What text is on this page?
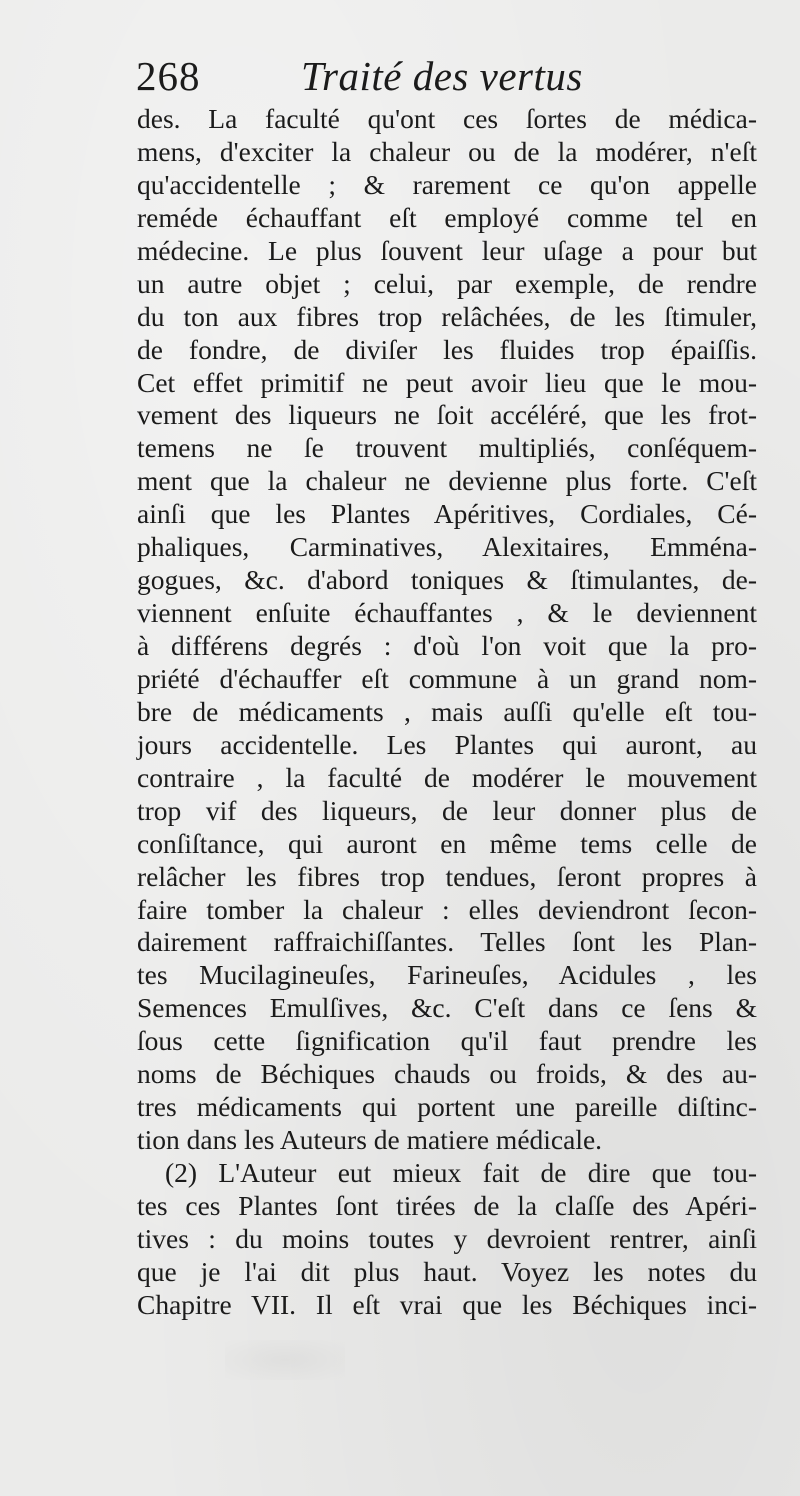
268 Traité des vertus
des. La faculté qu'ont ces ſortes de médica-
mens, d'exciter la chaleur ou de la modérer, n'eſt
qu'accidentelle ; & rarement ce qu'on appelle
reméde échauffant eſt employé comme tel en
médecine. Le plus ſouvent leur uſage a pour but
un autre objet ; celui, par exemple, de rendre
du ton aux fibres trop relâchées, de les ſtimuler,
de fondre, de diviſer les fluides trop épaiſſis.
Cet effet primitif ne peut avoir lieu que le mou-
vement des liqueurs ne ſoit accéléré, que les frot-
temens ne ſe trouvent multipliés, conſéquem-
ment que la chaleur ne devienne plus forte. C'eſt
ainſi que les Plantes Apéritives, Cordiales, Cé-
phaliques, Carminatives, Alexitaires, Emména-
gogues, &c. d'abord toniques & ſtimulantes, de-
viennent enſuite échauffantes , & le deviennent
à différens degrés : d'où l'on voit que la pro-
priété d'échauffer eſt commune à un grand nom-
bre de médicaments , mais auſſi qu'elle eſt tou-
jours accidentelle. Les Plantes qui auront, au
contraire , la faculté de modérer le mouvement
trop vif des liqueurs, de leur donner plus de
conſiſtance, qui auront en même tems celle de
relâcher les fibres trop tendues, ſeront propres à
faire tomber la chaleur : elles deviendront ſecon-
dairement raffraichiſſantes. Telles ſont les Plan-
tes Mucilagineuſes, Farineuſes, Acidules , les
Semences Emulſives, &c. C'eſt dans ce ſens &
ſous cette ſignification qu'il faut prendre les
noms de Béchiques chauds ou froids, & des au-
tres médicaments qui portent une pareille diſtinc-
tion dans les Auteurs de matiere médicale.
(2) L'Auteur eut mieux fait de dire que tou-
tes ces Plantes ſont tirées de la claſſe des Apéri-
tives : du moins toutes y devroient rentrer, ainſi
que je l'ai dit plus haut. Voyez les notes du
Chapitre VII. Il eſt vrai que les Béchiques inci-
